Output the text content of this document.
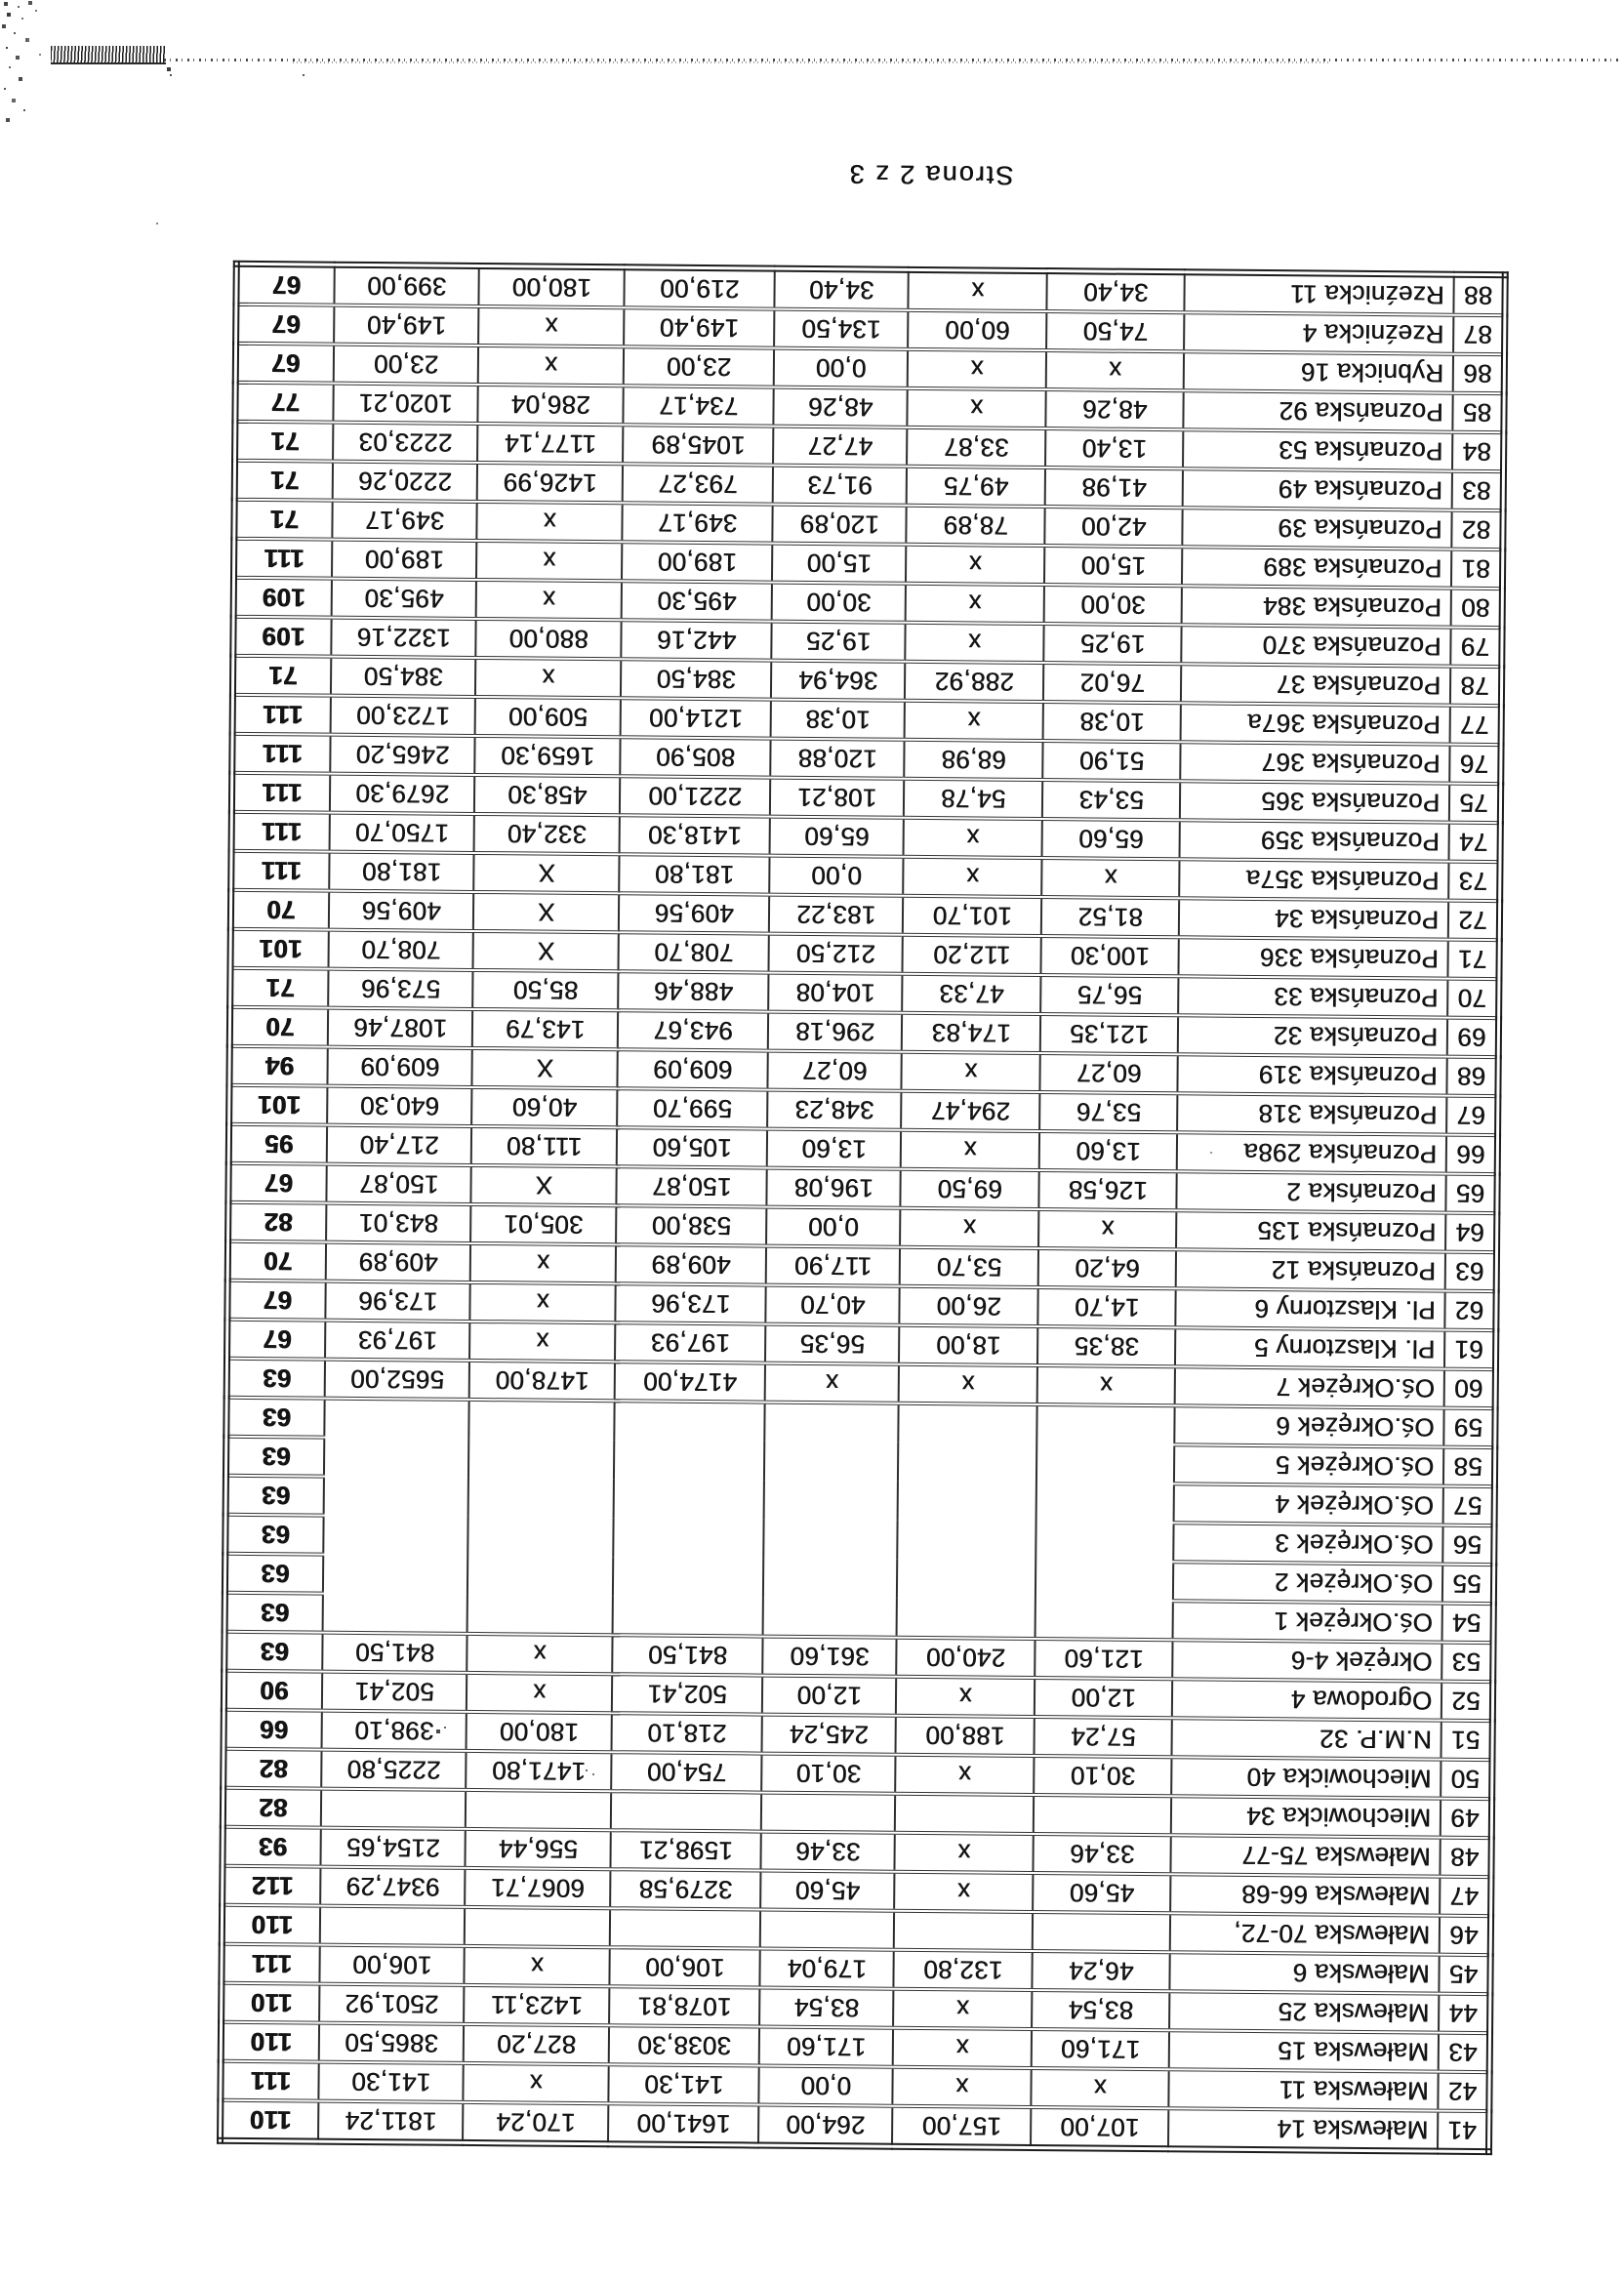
41	Małewska 14	107,00	157,00	264,00	1641,00	170,24	1811,24	110
42	Małewska 11	x	x	0,00	141,30	x	141,30	111
43	Małewska 15	171,60	x	171,60	3038,30	827,20	3865,50	110
44	Małewska 25	83,54	x	83,54	1078,81	1423,11	2501,92	110
45	Małewska 6	46,24	132,80	179,04	106,00	x	106,00	111
46	Małewska 70-72,							110
47	Małewska 66-68	45,60	x	45,60	3279,58	6067,71	9347,29	112
48	Małewska 75-77	33,46	x	33,46	1598,21	556,44	2154,65	93
49	Miechowicka 34							82
50	Miechowicka 40	30,10	x	30,10	754,00	1471,80	2225,80	82
51	N.M.P. 32	57,24	188,00	245,24	218,10	180,00	398,10	66
52	Ogrodowa 4	12,00	x	12,00	502,41	x	502,41	90
53	Okrężek 4-6	121,60	240,00	361,60	841,50	x	841,50	63
54	Oś.Okrężek 1							63
55	Oś.Okrężek 2							63
56	Oś.Okrężek 3							63
57	Oś.Okrężek 4							63
58	Oś.Okrężek 5							63
59	Oś.Okrężek 6							63
60	Oś.Okrężek 7	x	x	x	4174,00	1478,00	5652,00	63
61	Pl. Klasztorny 5	38,35	18,00	56,35	197,93	x	197,93	67
62	Pl. Klasztorny 6	14,70	26,00	40,70	173,96	x	173,96	67
63	Poznańska 12	64,20	53,70	117,90	409,89	x	409,89	70
64	Poznańska 135	x	x	0,00	538,00	305,01	843,01	82
65	Poznańska 2	126,58	69,50	196,08	150,87	X	150,87	67
66	Poznańska 298a	13,60	x	13,60	105,60	111,80	217,40	95
67	Poznańska 318	53,76	294,47	348,23	599,70	40,60	640,30	101
68	Poznańska 319	60,27	x	60,27	609,09	X	609,09	94
69	Poznańska 32	121,35	174,83	296,18	943,67	143,79	1087,46	70
70	Poznańska 33	56,75	47,33	104,08	488,46	85,50	573,96	71
71	Poznańska 336	100,30	112,20	212,50	708,70	X	708,70	101
72	Poznańska 34	81,52	101,70	183,22	409,56	X	409,56	70
73	Poznańska 357a	x	x	0,00	181,80	X	181,80	111
74	Poznańska 359	65,60	x	65,60	1418,30	332,40	1750,70	111
75	Poznańska 365	53,43	54,78	108,21	2221,00	458,30	2679,30	111
76	Poznańska 367	51,90	68,98	120,88	805,90	1659,30	2465,20	111
77	Poznańska 367a	10,38	x	10,38	1214,00	509,00	1723,00	111
78	Poznańska 37	76,02	288,92	364,94	384,50	x	384,50	71
79	Poznańska 370	19,25	x	19,25	442,16	880,00	1322,16	109
80	Poznańska 384	30,00	x	30,00	495,30	x	495,30	109
81	Poznańska 389	15,00	x	15,00	189,00	x	189,00	111
82	Poznańska 39	42,00	78,89	120,89	349,17	x	349,17	71
83	Poznańska 49	41,98	49,75	91,73	793,27	1426,99	2220,26	71
84	Poznańska 53	13,40	33,87	47,27	1045,89	1177,14	2223,03	71
85	Poznańska 92	48,26	x	48,26	734,17	286,04	1020,21	77
86	Rybnicka 16	x	x	0,00	23,00	x	23,00	67
87	Rzeźnicka 4	74,50	60,00	134,50	149,40	x	149,40	67
88	Rzeźnicka 11	34,40	x	34,40	219,00	180,00	399,00	67
Strona 2 z 3
